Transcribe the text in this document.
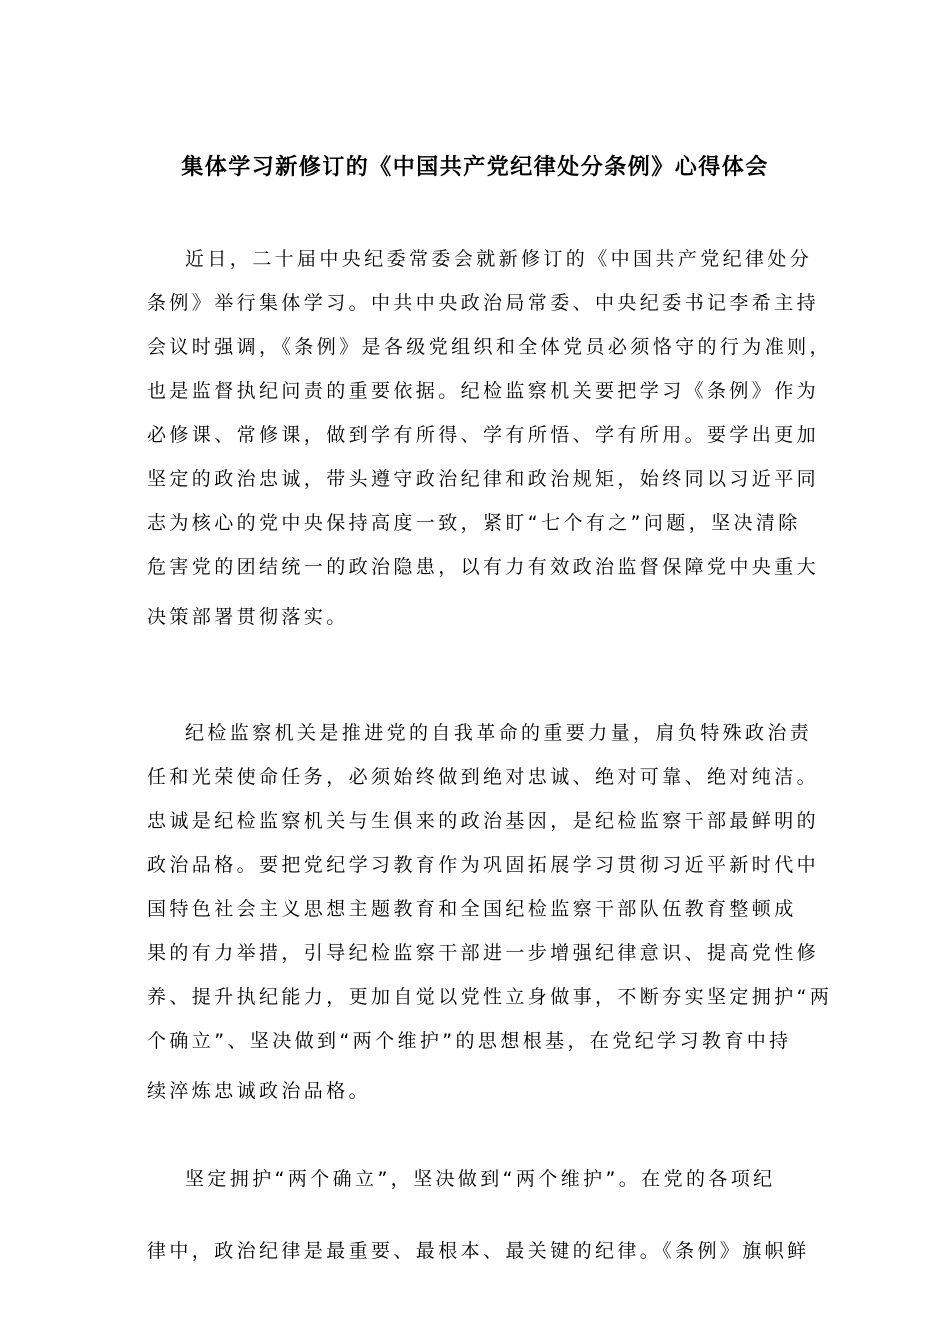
集体学习新修订的《中国共产党纪律处分条例》心得体会
近日，二十届中央纪委常委会就新修订的《中国共产党纪律处分
条例》举行集体学习。中共中央政治局常委、中央纪委书记李希主持
会议时强调，《条例》是各级党组织和全体党员必须恪守的行为准则，
也是监督执纪问责的重要依据。纪检监察机关要把学习《条例》作为
必修课、常修课，做到学有所得、学有所悟、学有所用。要学出更加
坚定的政治忠诚，带头遵守政治纪律和政治规矩，始终同以习近平同
志为核心的党中央保持高度一致，紧盯“七个有之”问题，坚决清除
危害党的团结统一的政治隐患，以有力有效政治监督保障党中央重大
决策部署贯彻落实。
纪检监察机关是推进党的自我革命的重要力量，肩负特殊政治责
任和光荣使命任务，必须始终做到绝对忠诚、绝对可靠、绝对纯洁。
忠诚是纪检监察机关与生俱来的政治基因，是纪检监察干部最鲜明的
政治品格。要把党纪学习教育作为巩固拓展学习贯彻习近平新时代中
国特色社会主义思想主题教育和全国纪检监察干部队伍教育整顿成
果的有力举措，引导纪检监察干部进一步增强纪律意识、提高党性修
养、提升执纪能力，更加自觉以党性立身做事，不断夯实坚定拥护“两
个确立”、坚决做到“两个维护”的思想根基，在党纪学习教育中持
续淬炼忠诚政治品格。
坚定拥护“两个确立”，坚决做到“两个维护”。在党的各项纪
律中，政治纪律是最重要、最根本、最关键的纪律。《条例》旗帜鲜
